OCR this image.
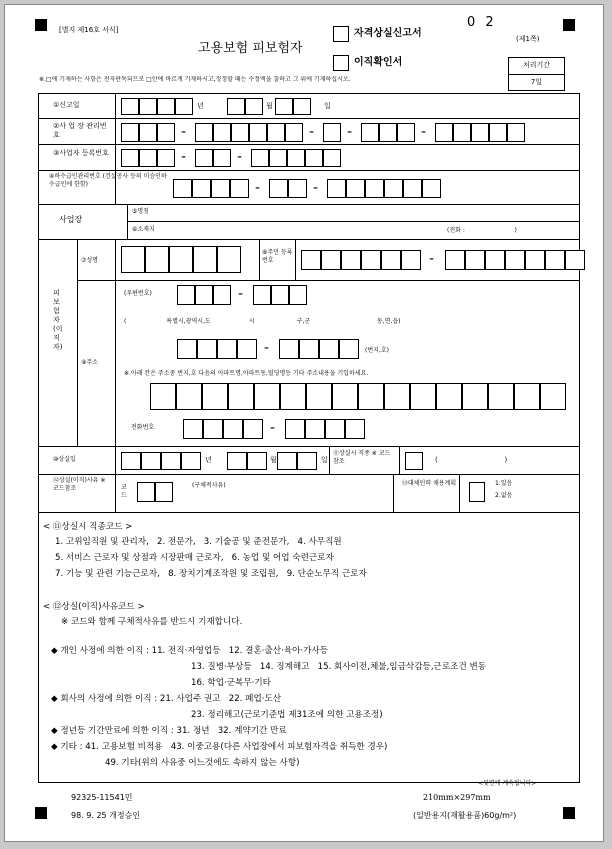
[별지 제16호 서식]
고용보험 피보험자
자격상실신고서
이직확인서
0 2
(제1쪽)
처리기간
7일
※.□에 기재하는 사항은 전자판독되므로 □안에 바르게 기재하시고,정정할 때는 수정액을 칠하고 그 위에 기재하십시오.
①신고일	년	월	일
②사 업 장 관리번호	-	- -	-
③사업자 등록번호	-	-
④하수급인관리번호 (건설공사 등의 미승인하수급인에 한함)	-	-
사업장
⑤명칭
⑥소재지	(전화 :                          )
피보험자(이직자)
⑦성명
⑧주민 등록 번호	-
⑨주소
(우편번호)	-
(                     특별시,광역시,도                    시                      구,군                                   동,면,읍)
-	(번지,호)
※.아래 칸은 주소중 번지,호 다음의 아파트명,아파트동,빌딩명등 기타 주소내용을 기입하세요.
전화번호	-
⑩상실일	년	월	일
⑪상실시 직종 ※ 코드참조	(                              )
⑫상실(이직)사유 ※ 코드참조	코드
(구체적사유)	⑬대체인력 채용계획	1.있음
2.없음
< ⑪상실시 직종코드 >
1. 고위임직원 및 관리자,   2. 전문가,   3. 기술공 및 준전문가,   4. 사무직원
5. 서비스 근로자 및 상점과 시장판매 근로자,   6. 농업 및 어업 숙련근로자
7. 기능 및 관련 기능근로자,   8. 장치기계조작원 및 조립원,   9. 단순노무직 근로자
< ⑫상실(이직)사유코드 >
※ 코드와 함께 구체적사유를 반드시 기재합니다.
◆ 개인 사정에 의한 이직 : 11. 전직·자영업등   12. 결혼·출산·육아·가사등
13. 질병·부상등   14. 징계해고   15. 회사이전,체불,임금삭감등,근로조건 변동
16. 학업·군복무·기타
◆ 회사의 사정에 의한 이직 : 21. 사업주 권고   22. 폐업·도산
23. 정리해고(근로기준법 제31조에 의한 고용조정)
◆ 정년등 기간만료에 의한 이직 : 31. 정년   32. 계약기간 만료
◆ 기타 : 41. 고용보험 비적용   43. 이중고용(다른 사업장에서 피보험자격을 취득한 경우)
49. 기타(위의 사유중 어느것에도 속하지 않는 사항)
<뒷면에 계속됩니다>
92325-11541민
98. 9. 25 개정승인
210mm×297mm
(일반용지(재활용품)60g/m²)
